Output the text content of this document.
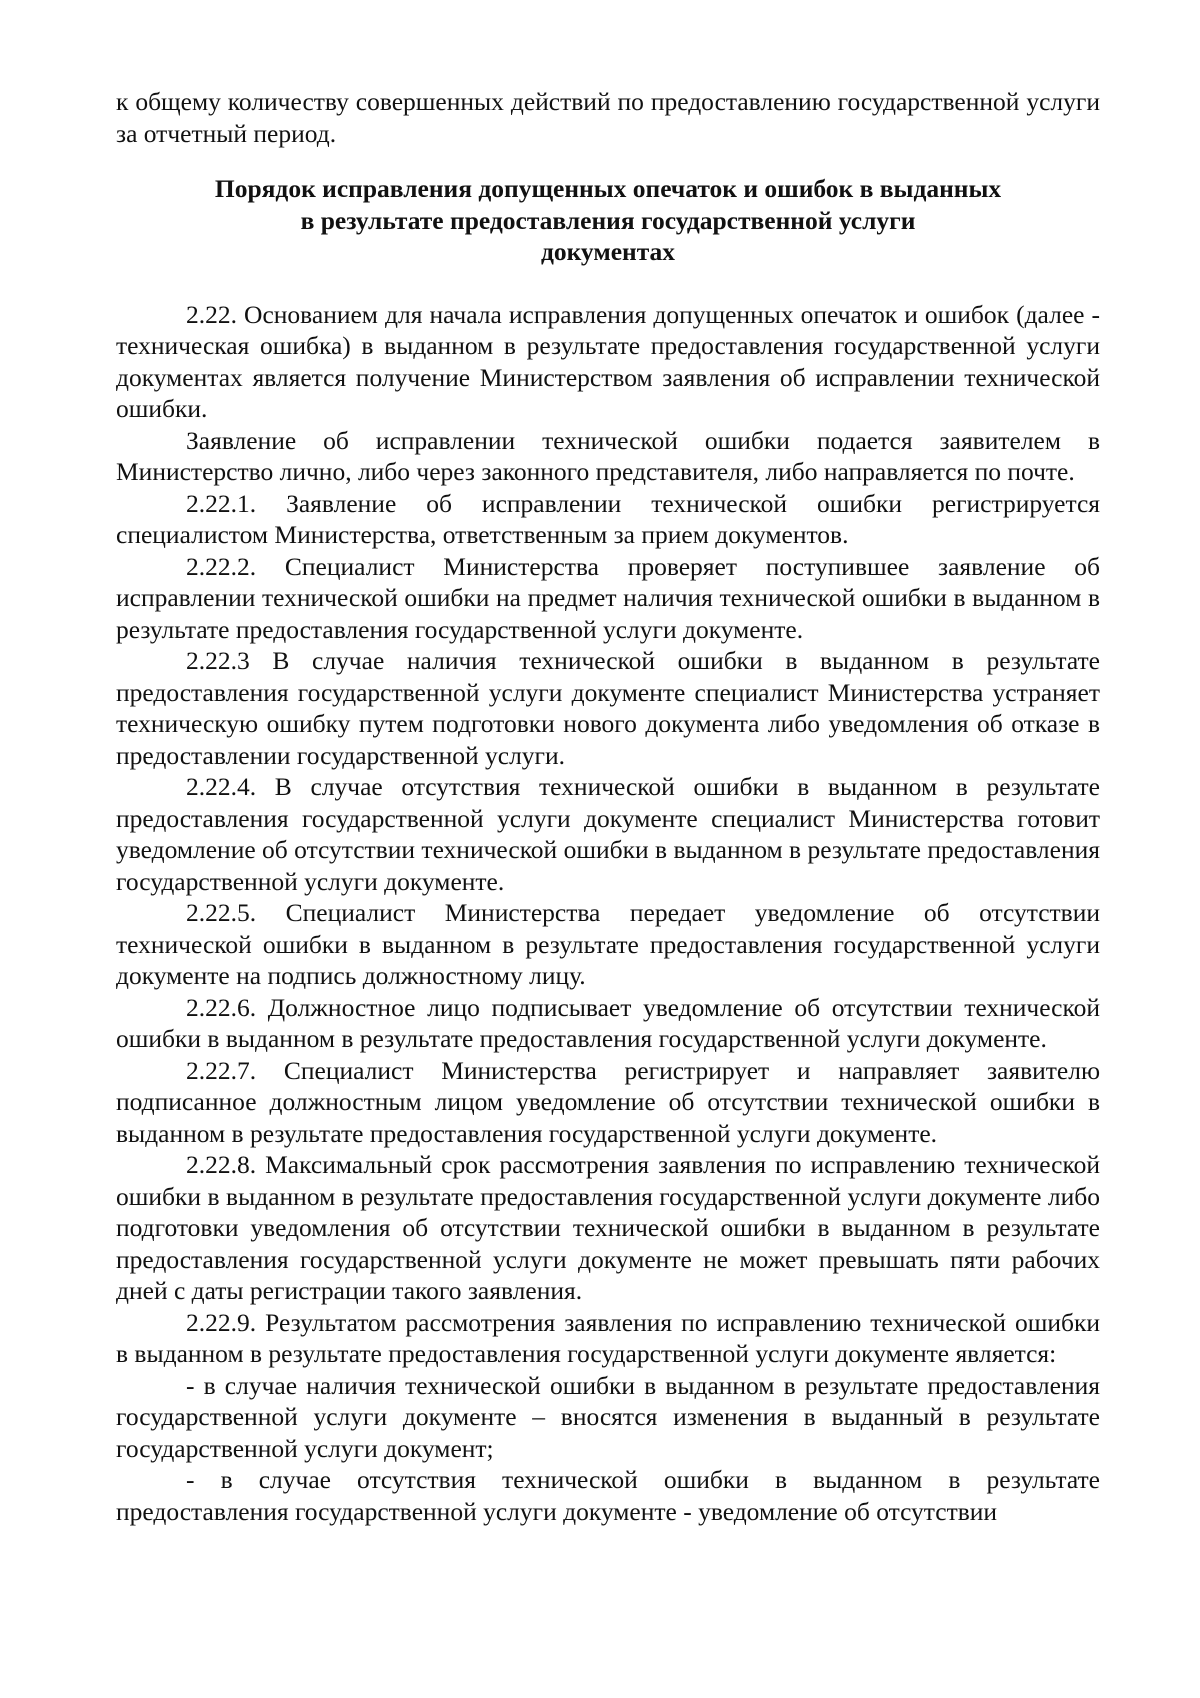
к общему количеству совершенных действий по предоставлению государственной услуги за отчетный период.

Порядок исправления допущенных опечаток и ошибок в выданных
в результате предоставления государственной услуги
документах

2.22. Основанием для начала исправления допущенных опечаток и ошибок (далее - техническая ошибка) в выданном в результате предоставления государственной услуги документах является получение Министерством заявления об исправлении технической ошибки.

Заявление об исправлении технической ошибки подается заявителем в Министерство лично, либо через законного представителя, либо направляется по почте.

2.22.1. Заявление об исправлении технической ошибки регистрируется специалистом Министерства, ответственным за прием документов.

2.22.2. Специалист Министерства проверяет поступившее заявление об исправлении технической ошибки на предмет наличия технической ошибки в выданном в результате предоставления государственной услуги документе.

2.22.3 В случае наличия технической ошибки в выданном в результате предоставления государственной услуги документе специалист Министерства устраняет техническую ошибку путем подготовки нового документа либо уведомления об отказе в предоставлении государственной услуги.

2.22.4. В случае отсутствия технической ошибки в выданном в результате предоставления государственной услуги документе специалист Министерства готовит уведомление об отсутствии технической ошибки в выданном в результате предоставления государственной услуги документе.

2.22.5. Специалист Министерства передает уведомление об отсутствии технической ошибки в выданном в результате предоставления государственной услуги документе на подпись должностному лицу.

2.22.6. Должностное лицо подписывает уведомление об отсутствии технической ошибки в выданном в результате предоставления государственной услуги документе.

2.22.7. Специалист Министерства регистрирует и направляет заявителю подписанное должностным лицом уведомление об отсутствии технической ошибки в выданном в результате предоставления государственной услуги документе.

2.22.8. Максимальный срок рассмотрения заявления по исправлению технической ошибки в выданном в результате предоставления государственной услуги документе либо подготовки уведомления об отсутствии технической ошибки в выданном в результате предоставления государственной услуги документе не может превышать пяти рабочих дней с даты регистрации такого заявления.

2.22.9. Результатом рассмотрения заявления по исправлению технической ошибки в выданном в результате предоставления государственной услуги документе является:

- в случае наличия технической ошибки в выданном в результате предоставления государственной услуги документе – вносятся изменения в выданный в результате государственной услуги документ;

- в случае отсутствия технической ошибки в выданном в результате предоставления государственной услуги документе - уведомление об отсутствии
